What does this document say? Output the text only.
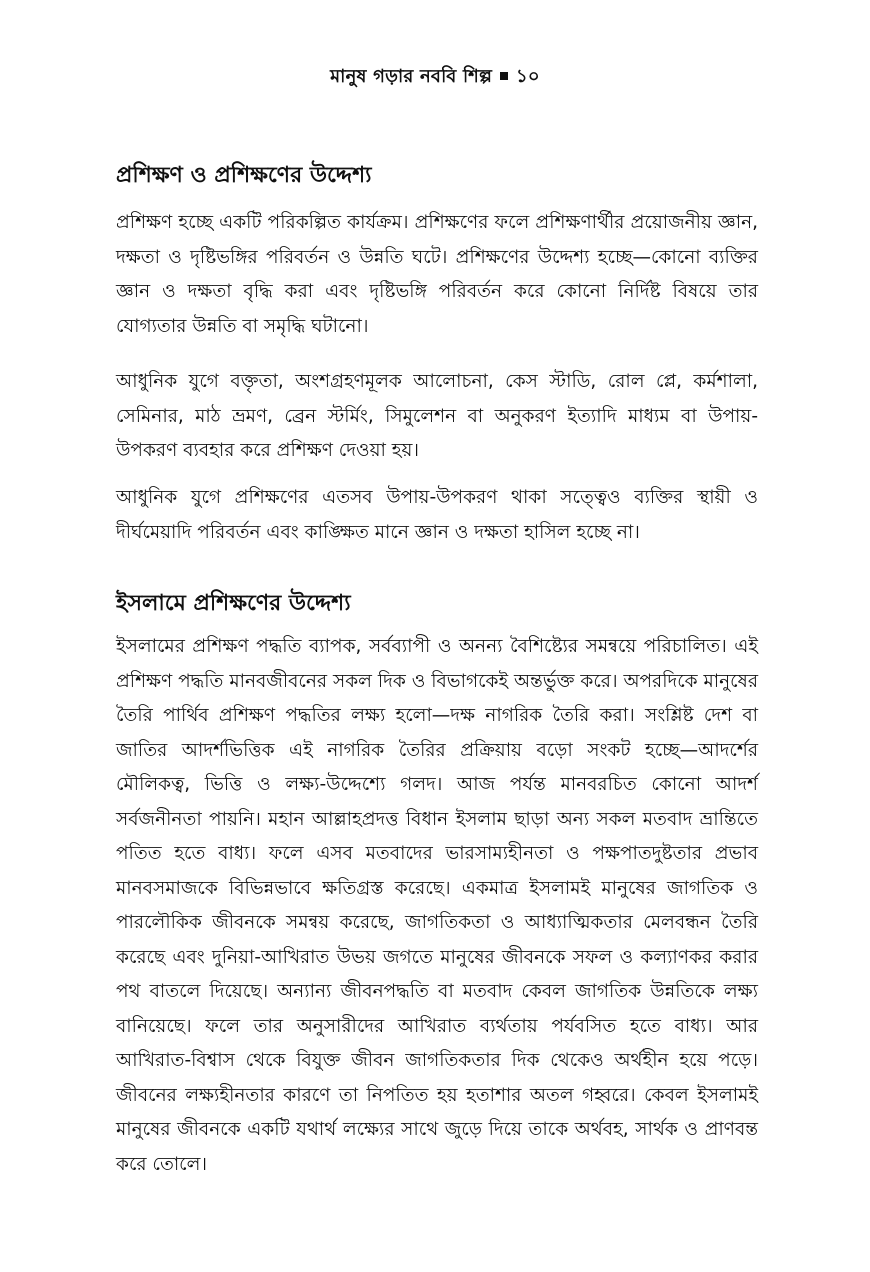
মানুষ গড়ার নববি শিল্প ১০
প্রশিক্ষণ ও প্রশিক্ষণের উদ্দেশ্য

প্রশিক্ষণ হচ্ছে একটি পরিকল্পিত কার্যক্রম। প্রশিক্ষণের ফলে প্রশিক্ষণার্থীর প্রয়োজনীয় জ্ঞান, দক্ষতা ও দৃষ্টিভঙ্গির পরিবর্তন ও উন্নতি ঘটে। প্রশিক্ষণের উদ্দেশ্য হচ্ছে—কোনো ব্যক্তির জ্ঞান ও দক্ষতা বৃদ্ধি করা এবং দৃষ্টিভঙ্গি পরিবর্তন করে কোনো নির্দিষ্ট বিষয়ে তার যোগ্যতার উন্নতি বা সমৃদ্ধি ঘটানো।

আধুনিক যুগে বক্তৃতা, অংশগ্রহণমূলক আলোচনা, কেস স্টাডি, রোল প্লে, কর্মশালা, সেমিনার, মাঠ ভ্রমণ, ব্রেন স্টর্মিং, সিমুলেশন বা অনুকরণ ইত্যাদি মাধ্যম বা উপায়-উপকরণ ব্যবহার করে প্রশিক্ষণ দেওয়া হয়।

আধুনিক যুগে প্রশিক্ষণের এতসব উপায়-উপকরণ থাকা সত্ত্বেও ব্যক্তির স্থায়ী ও দীর্ঘমেয়াদি পরিবর্তন এবং কাঙ্ক্ষিত মানে জ্ঞান ও দক্ষতা হাসিল হচ্ছে না।

ইসলামে প্রশিক্ষণের উদ্দেশ্য

ইসলামের প্রশিক্ষণ পদ্ধতি ব্যাপক, সর্বব্যাপী ও অনন্য বৈশিষ্ট্যের সমন্বয়ে পরিচালিত। এই প্রশিক্ষণ পদ্ধতি মানবজীবনের সকল দিক ও বিভাগকেই অন্তর্ভুক্ত করে। অপরদিকে মানুষের তৈরি পার্থিব প্রশিক্ষণ পদ্ধতির লক্ষ্য হলো—দক্ষ নাগরিক তৈরি করা। সংশ্লিষ্ট দেশ বা জাতির আদর্শভিত্তিক এই নাগরিক তৈরির প্রক্রিয়ায় বড়ো সংকট হচ্ছে—আদর্শের মৌলিকত্ব, ভিত্তি ও লক্ষ্য-উদ্দেশ্যে গলদ। আজ পর্যন্ত মানবরচিত কোনো আদর্শ সর্বজনীনতা পায়নি। মহান আল্লাহপ্রদত্ত বিধান ইসলাম ছাড়া অন্য সকল মতবাদ ভ্রান্তিতে পতিত হতে বাধ্য। ফলে এসব মতবাদের ভারসাম্যহীনতা ও পক্ষপাতদুষ্টতার প্রভাব মানবসমাজকে বিভিন্নভাবে ক্ষতিগ্রস্ত করেছে। একমাত্র ইসলামই মানুষের জাগতিক ও পারলৌকিক জীবনকে সমন্বয় করেছে, জাগতিকতা ও আধ্যাত্মিকতার মেলবন্ধন তৈরি করেছে এবং দুনিয়া-আখিরাত উভয় জগতে মানুষের জীবনকে সফল ও কল্যাণকর করার পথ বাতলে দিয়েছে। অন্যান্য জীবনপদ্ধতি বা মতবাদ কেবল জাগতিক উন্নতিকে লক্ষ্য বানিয়েছে। ফলে তার অনুসারীদের আখিরাত ব্যর্থতায় পর্যবসিত হতে বাধ্য। আর আখিরাত-বিশ্বাস থেকে বিযুক্ত জীবন জাগতিকতার দিক থেকেও অর্থহীন হয়ে পড়ে। জীবনের লক্ষ্যহীনতার কারণে তা নিপতিত হয় হতাশার অতল গহ্বরে। কেবল ইসলামই মানুষের জীবনকে একটি যথার্থ লক্ষ্যের সাথে জুড়ে দিয়ে তাকে অর্থবহ, সার্থক ও প্রাণবন্ত করে তোলে।
